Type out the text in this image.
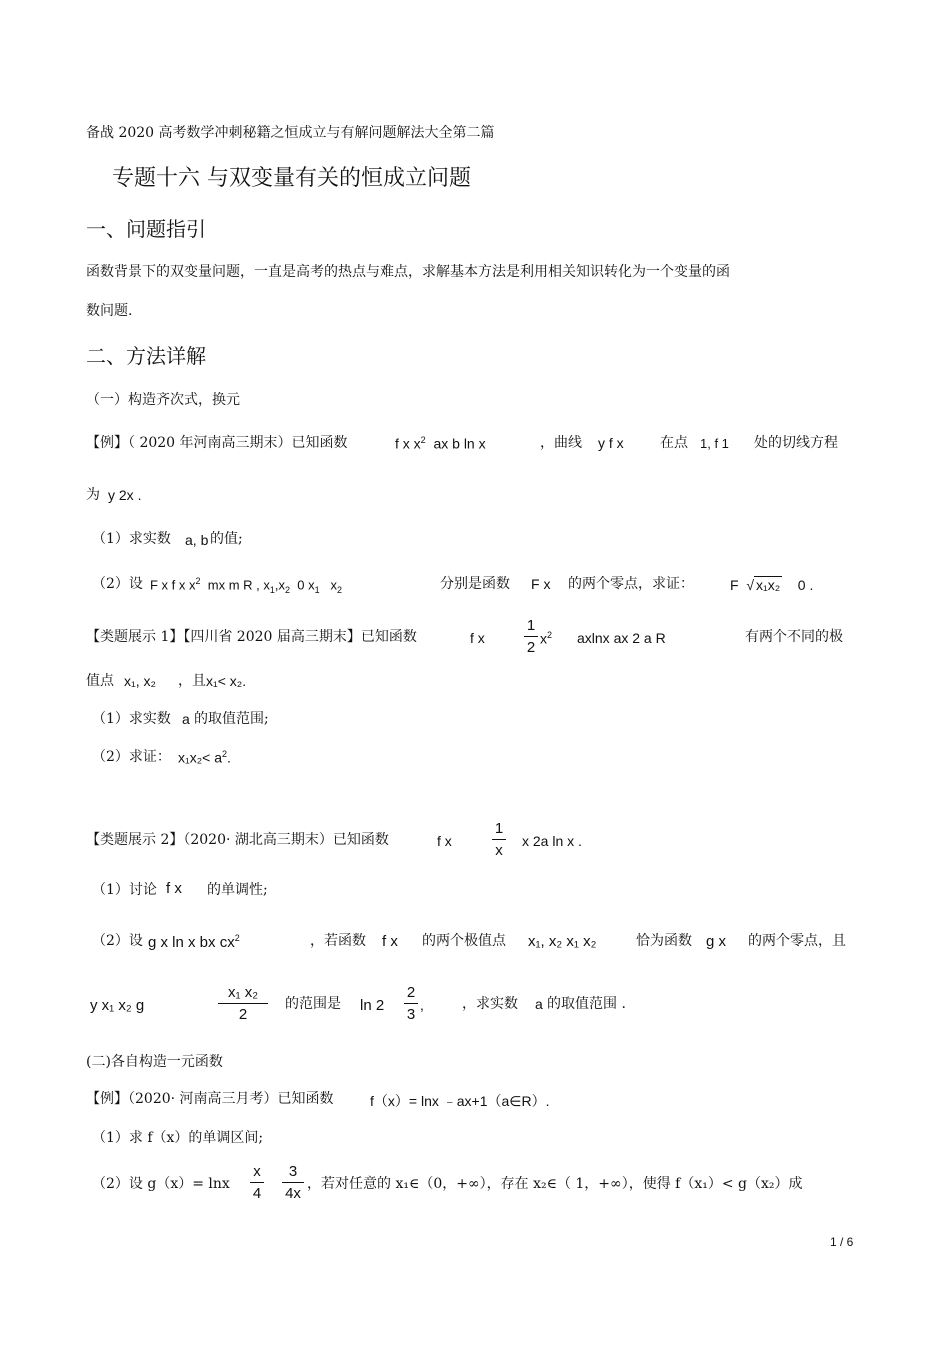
备战 2020 高考数学冲刺秘籍之恒成立与有解问题解法大全第二篇
专题十六 与双变量有关的恒成立问题
一、问题指引
函数背景下的双变量问题，一直是高考的热点与难点，求解基本方法是利用相关知识转化为一个变量的函
数问题.
二、方法详解
（一）构造齐次式，换元
【例】（ 2020 年河南高三期末）已知函数	f x $x^2$ ax b ln x	，曲线 y f x	在点 1, f 1 处的切线方程
为 y 2x .
（1）求实数 a, b 的值;
（2）设 F x f x $x^2$ mx m R , $x_1,x_2$ 0 $x_1$ $x_2$	分别是函数 F x 的两个零点，求证：	F  √ x₁x₂ 0 .
【类题展示 1】【四川省 2020 届高三期末】已知函数	f x
1
2
$x^2$ axlnx ax 2 a R	有两个不同的极
值点 x₁, x₂ ，且 x₁< x₂.
（1）求实数 a 的取值范围;
（2）求证： $x_1x_2< a^2$.
【类题展示 2】（2020· 湖北高三期末）已知函数	f x
1
x
x 2a ln x .
（1）讨论 f x 的单调性;
（2）设 g x ln x bx $cx^2$	，若函数 f x 的两个极值点 x₁, x₂ x₁ x₂	恰为函数 g x 的两个零点，且
y x₁ x₂ g
x₁ x₂
2
的范围是 ln 2
2
3
,	，求实数 a 的取值范围 .
(二)各自构造一元函数
【例】（2020· 河南高三月考）已知函数	f（x）= lnx ﹣ax+1（a∈R）.
（1）求 f（x）的单调区间;
（2）设 g（x）= lnx
x
4
3
4x
，若对任意的 x₁∈（0，+∞），存在 x₂∈（ 1，+∞），使得 f（x₁）< g（x₂）成
1 / 6
